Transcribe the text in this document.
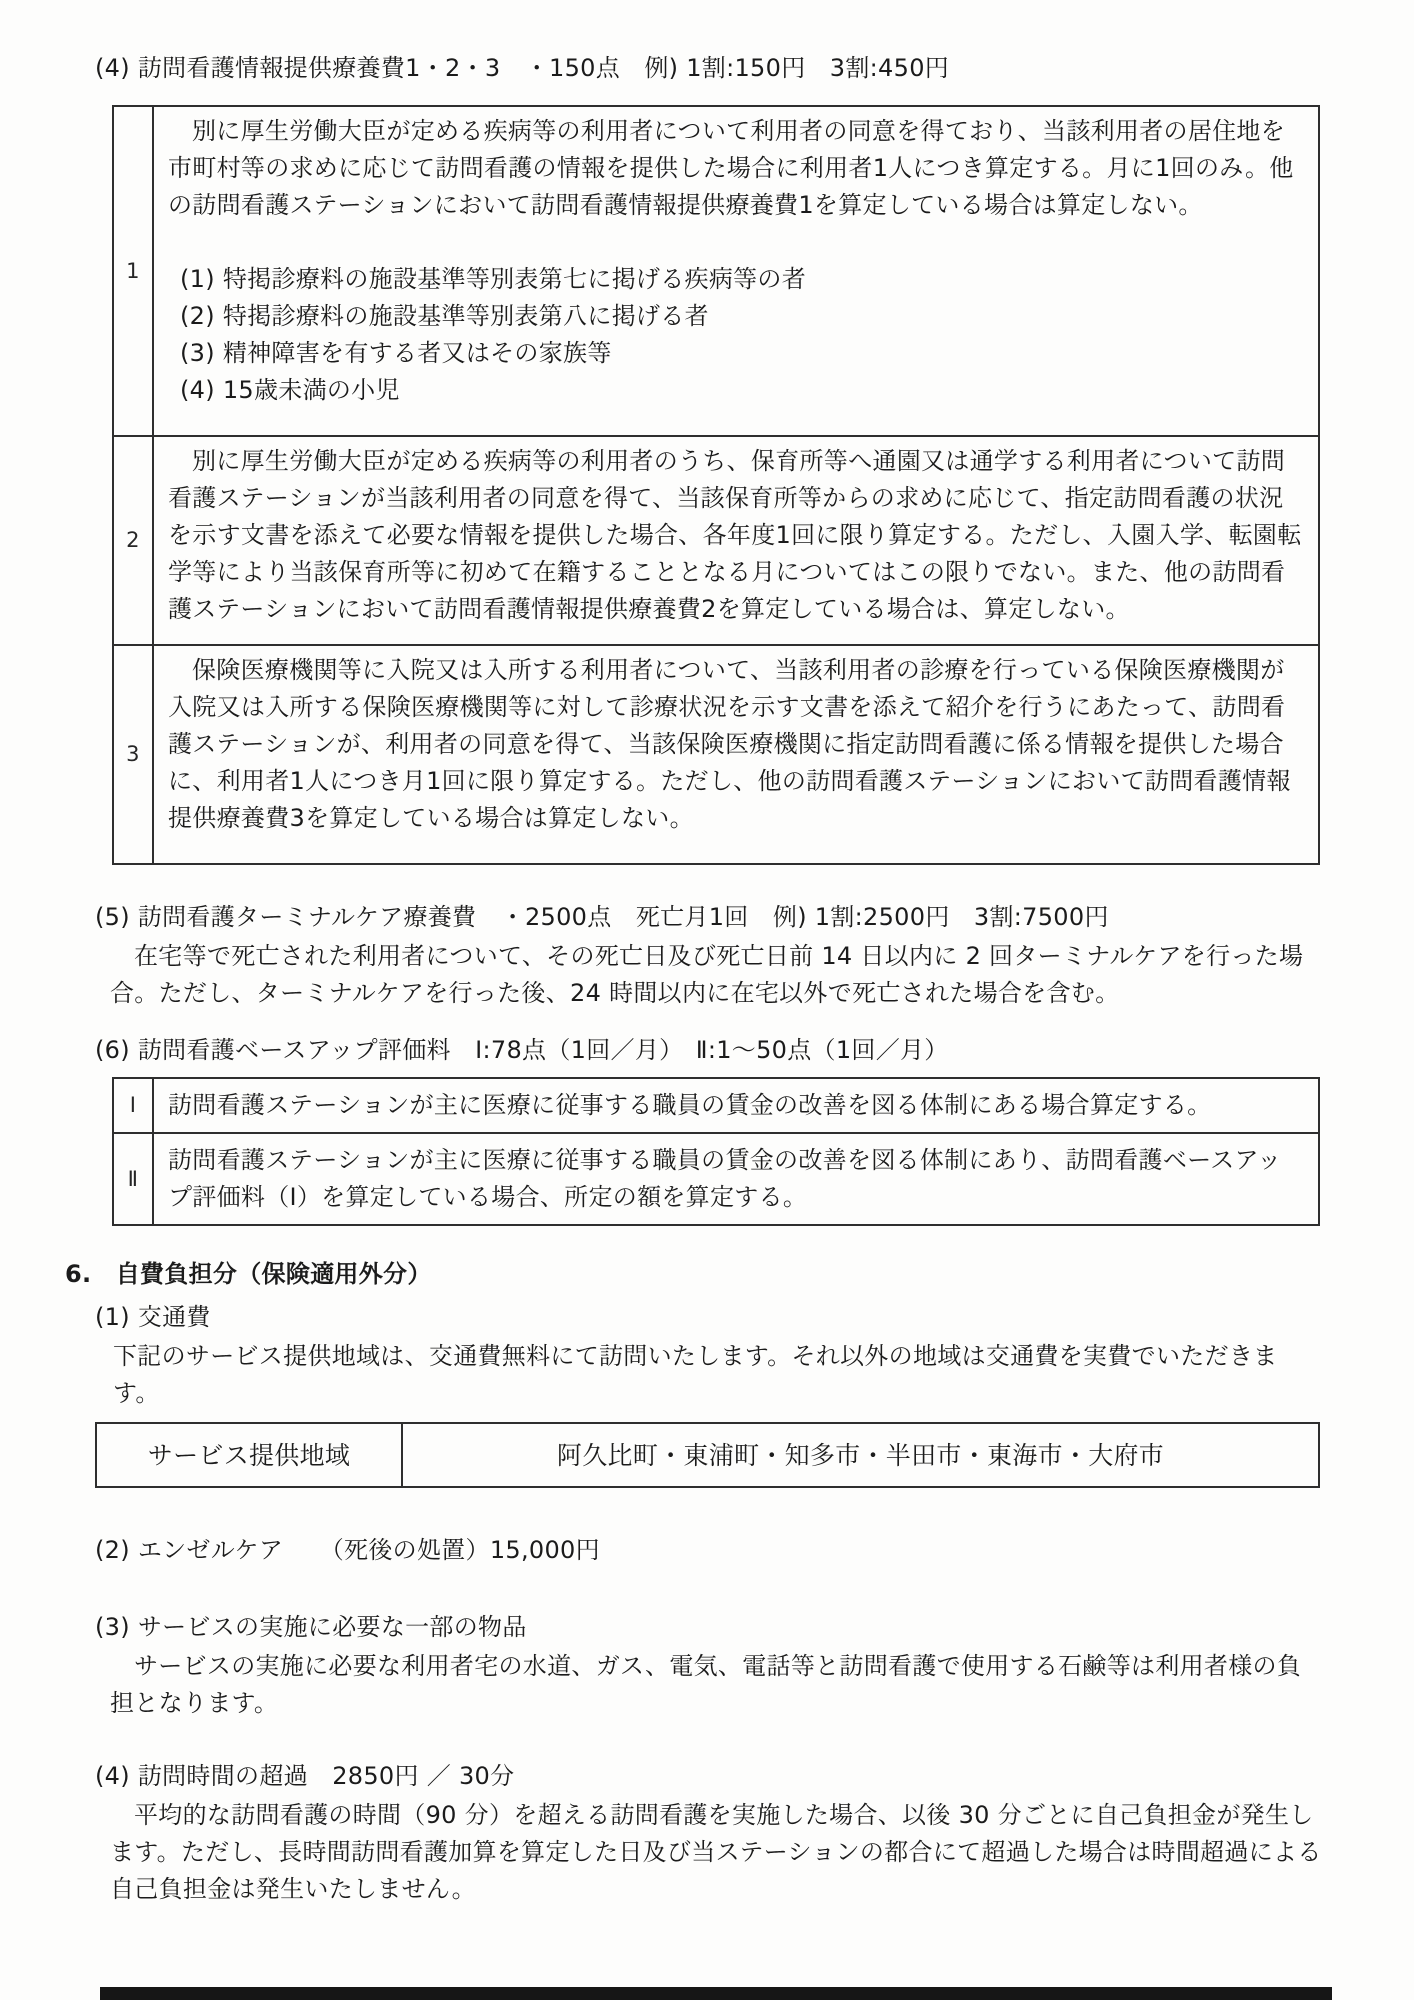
(4) 訪問看護情報提供療養費1・2・3　・150点　例) 1割:150円　3割:450円
1	別に厚生労働大臣が定める疾病等の利用者について利用者の同意を得ており、当該利用者の居住地を市町村等の求めに応じて訪問看護の情報を提供した場合に利用者1人につき算定する。月に1回のみ。他の訪問看護ステーションにおいて訪問看護情報提供療養費1を算定している場合は算定しない。

(1) 特掲診療料の施設基準等別表第七に掲げる疾病等の者
(2) 特掲診療料の施設基準等別表第八に掲げる者
(3) 精神障害を有する者又はその家族等
(4) 15歳未満の小児

2	別に厚生労働大臣が定める疾病等の利用者のうち、保育所等へ通園又は通学する利用者について訪問看護ステーションが当該利用者の同意を得て、当該保育所等からの求めに応じて、指定訪問看護の状況を示す文書を添えて必要な情報を提供した場合、各年度1回に限り算定する。ただし、入園入学、転園転学等により当該保育所等に初めて在籍することとなる月についてはこの限りでない。また、他の訪問看護ステーションにおいて訪問看護情報提供療養費2を算定している場合は、算定しない。

3	保険医療機関等に入院又は入所する利用者について、当該利用者の診療を行っている保険医療機関が入院又は入所する保険医療機関等に対して診療状況を示す文書を添えて紹介を行うにあたって、訪問看護ステーションが、利用者の同意を得て、当該保険医療機関に指定訪問看護に係る情報を提供した場合に、利用者1人につき月1回に限り算定する。ただし、他の訪問看護ステーションにおいて訪問看護情報提供療養費3を算定している場合は算定しない。

(5) 訪問看護ターミナルケア療養費　・2500点　死亡月1回　例) 1割:2500円　3割:7500円

在宅等で死亡された利用者について、その死亡日及び死亡日前 14 日以内に 2 回ターミナルケアを行った場合。ただし、ターミナルケアを行った後、24 時間以内に在宅以外で死亡された場合を含む。

(6) 訪問看護ベースアップ評価料　Ⅰ:78点（1回／月）　Ⅱ:1～50点（1回／月）
Ⅰ	訪問看護ステーションが主に医療に従事する職員の賃金の改善を図る体制にある場合算定する。
Ⅱ	訪問看護ステーションが主に医療に従事する職員の賃金の改善を図る体制にあり、訪問看護ベースアップ評価料（Ⅰ）を算定している場合、所定の額を算定する。
6.　自費負担分（保険適用外分）
(1) 交通費

下記のサービス提供地域は、交通費無料にて訪問いたします。それ以外の地域は交通費を実費でいただきます。

サービス提供地域	阿久比町・東浦町・知多市・半田市・東海市・大府市
(2) エンゼルケア　　（死後の処置）15,000円
(3) サービスの実施に必要な一部の物品

サービスの実施に必要な利用者宅の水道、ガス、電気、電話等と訪問看護で使用する石鹸等は利用者様の負担となります。

(4) 訪問時間の超過　2850円 ／ 30分

平均的な訪問看護の時間（90 分）を超える訪問看護を実施した場合、以後 30 分ごとに自己負担金が発生します。ただし、長時間訪問看護加算を算定した日及び当ステーションの都合にて超過した場合は時間超過による自己負担金は発生いたしません。
